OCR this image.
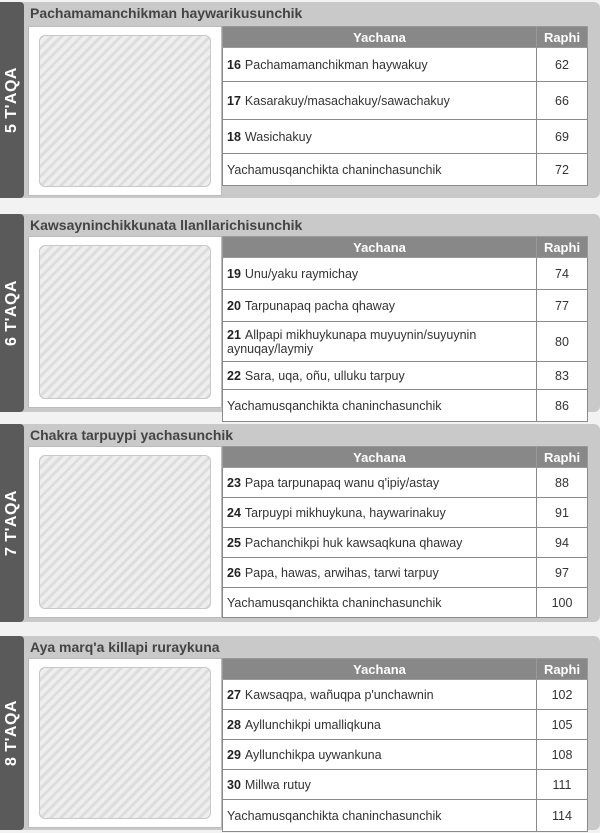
5 T'AQA
Pachamamanchikman haywarikusunchik
Yachana	Raphi
16 Pachamamanchikman haywakuy	62
17 Kasarakuy/masachakuy/sawachakuy	66
18 Wasichakuy	69
Yachamusqanchikta chaninchasunchik	72
6 T'AQA
Kawsayninchikkunata llanllarichisunchik
Yachana	Raphi
19 Unu/yaku raymichay	74
20 Tarpunapaq pacha qhaway	77
21 Allpapi mikhuykunapa muyuynin/suyuynin aynuqay/laymiy	80
22 Sara, uqa, oñu, ulluku tarpuy	83
Yachamusqanchikta chaninchasunchik	86
7 T'AQA
Chakra tarpuypi yachasunchik
Yachana	Raphi
23 Papa tarpunapaq wanu q'ipiy/astay	88
24 Tarpuypi mikhuykuna, haywarinakuy	91
25 Pachanchikpi huk kawsaqkuna qhaway	94
26 Papa, hawas, arwihas, tarwi tarpuy	97
Yachamusqanchikta chaninchasunchik	100
8 T'AQA
Aya marq'a killapi ruraykuna
Yachana	Raphi
27 Kawsaqpa, wañuqpa p'unchawnin	102
28 Ayllunchikpi umalliqkuna	105
29 Ayllunchikpa uywankuna	108
30 Millwa rutuy	111
Yachamusqanchikta chaninchasunchik	114
